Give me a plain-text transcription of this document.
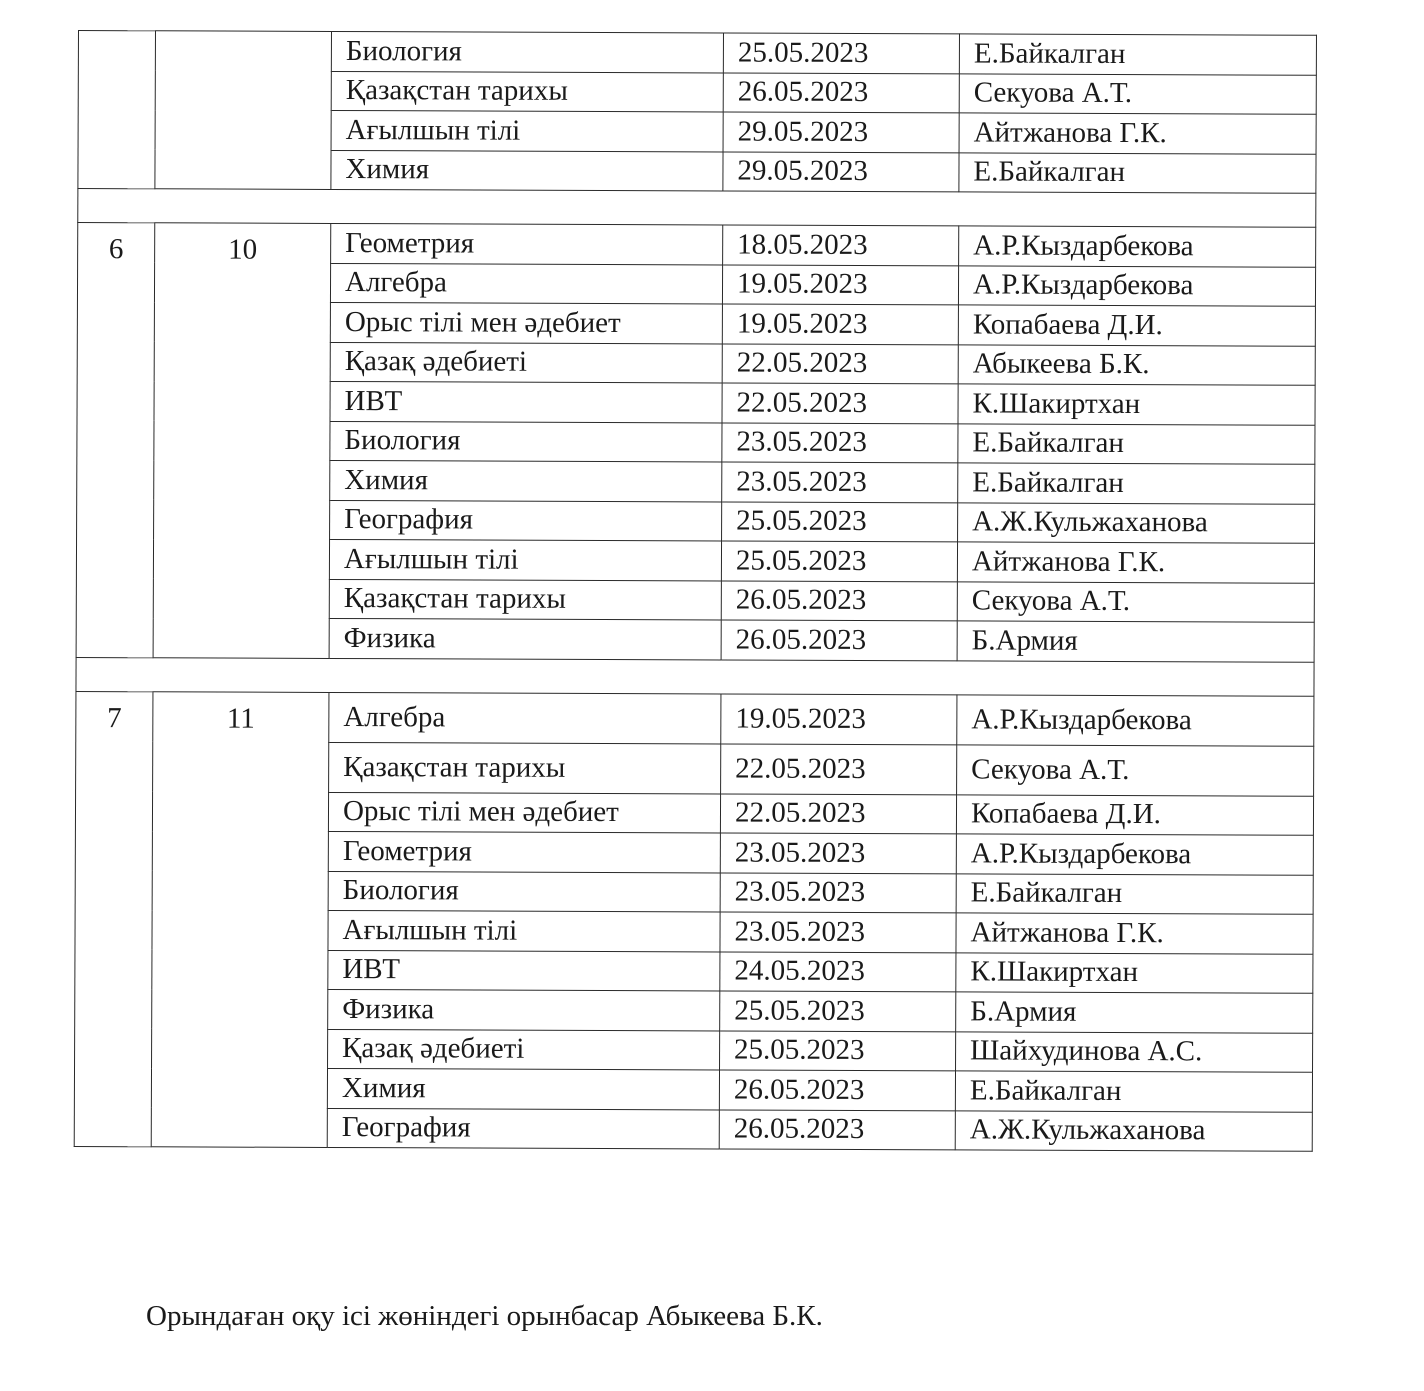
		Биология	25.05.2023	Е.Байкалган
		Қазақстан тарихы	26.05.2023	Секуова А.Т.
		Ағылшын тілі	29.05.2023	Айтжанова Г.К.
		Химия	29.05.2023	Е.Байкалган

6	10	Геометрия	18.05.2023	А.Р.Кыздарбекова
		Алгебра	19.05.2023	А.Р.Кыздарбекова
		Орыс тілі мен әдебиет	19.05.2023	Копабаева Д.И.
		Қазақ әдебиеті	22.05.2023	Абыкеева Б.К.
		ИВТ	22.05.2023	К.Шакиртхан
		Биология	23.05.2023	Е.Байкалган
		Химия	23.05.2023	Е.Байкалган
		География	25.05.2023	А.Ж.Кульжаханова
		Ағылшын тілі	25.05.2023	Айтжанова Г.К.
		Қазақстан тарихы	26.05.2023	Секуова А.Т.
		Физика	26.05.2023	Б.Армия

7	11	Алгебра	19.05.2023	А.Р.Кыздарбекова
		Қазақстан тарихы	22.05.2023	Секуова А.Т.
		Орыс тілі мен әдебиет	22.05.2023	Копабаева Д.И.
		Геометрия	23.05.2023	А.Р.Кыздарбекова
		Биология	23.05.2023	Е.Байкалган
		Ағылшын тілі	23.05.2023	Айтжанова Г.К.
		ИВТ	24.05.2023	К.Шакиртхан
		Физика	25.05.2023	Б.Армия
		Қазақ әдебиеті	25.05.2023	Шайхудинова А.С.
		Химия	26.05.2023	Е.Байкалган
		География	26.05.2023	А.Ж.Кульжаханова
Орындаған оқу ісі жөніндегі орынбасар Абыкеева Б.К.
